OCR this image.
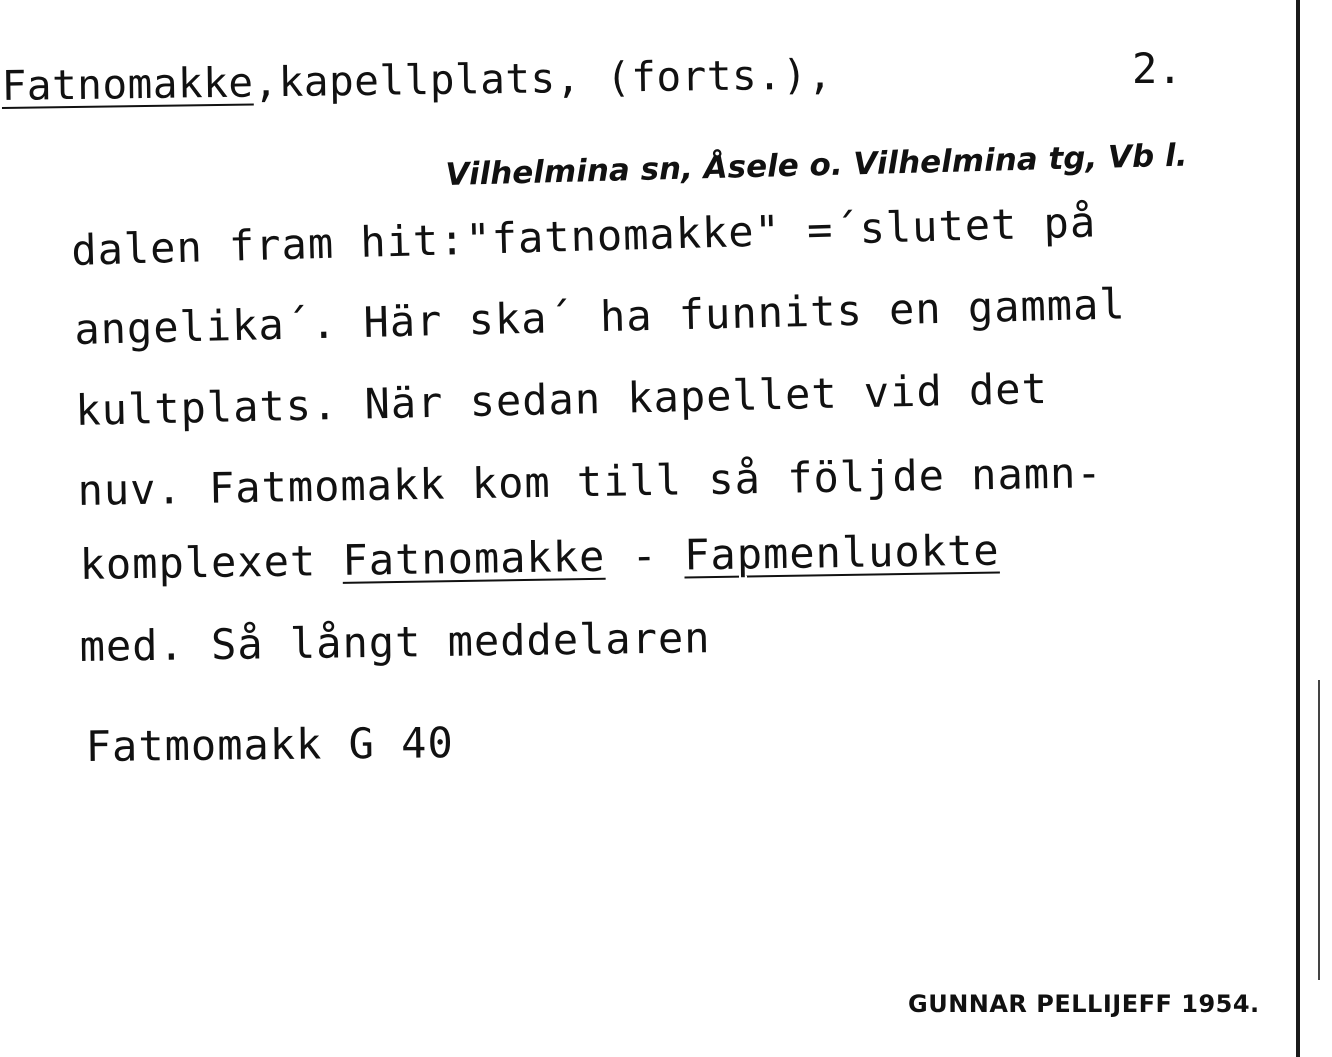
Fatnomakke,kapellplats, (forts.),	2.
Vilhelmina sn, Åsele o. Vilhelmina tg, Vb l.
dalen fram hit:"fatnomakke" =´slutet på
angelika´. Här ska´ ha funnits en gammal
kultplats. När sedan kapellet vid det
nuv. Fatmomakk kom till så följde namn-
komplexet Fatnomakke - Fapmenluokte
med. Så långt meddelaren
Fatmomakk G 40
GUNNAR PELLIJEFF 1954.
